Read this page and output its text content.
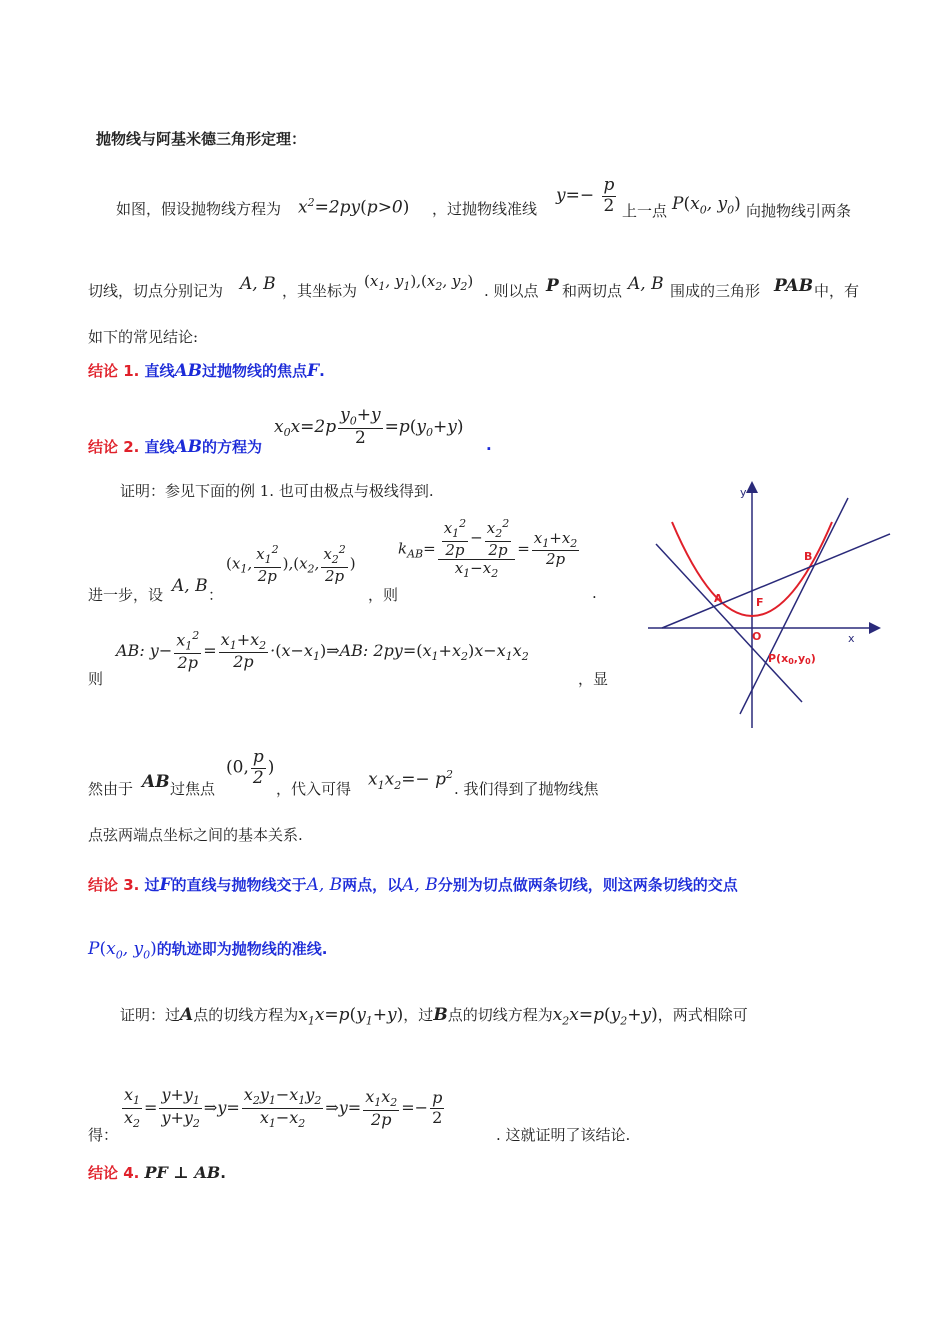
抛物线与阿基米德三角形定理：
如图，假设抛物线方程为 $x^2=2py(p>0)$ ，过抛物线准线
$y=- \frac{p}{2}$ 上一点 $P(x_0$, $y_0$) 向抛物线引两条
切线，切点分别记为 A, B ，其坐标为
($x_1$, $y_1),(x_2$, $y_2$)
. 则以点 P 和两切点 A, B 围成的三角形 PAB 中，有
如下的常见结论:
结论 1. 直线AB过抛物线的焦点F.
结论 2. 直线AB的方程为
$x_0x=2p \frac{y_0+y}{2} =p(y_0+y)$
.
证明：参见下面的例 1. 也可由极点与极线得到.
进一步，设 A, B ：
($x_1$, $\frac{x_1^2}{2p} ),(x_2$, $\frac{x_2^2}{2p}$ )
，则
$k_{AB}= \frac{\frac{x_1^2}{2p} - \frac{x_2^2}{2p}}{x_1-x_2} = \frac{x_1+x_2}{2p}$
.
则
AB: $y- \frac{x_1^2}{2p} = \frac{x_1+x_2}{2p}$ $\cdot(x-x_1)\Rightarrow AB$: $2py=(x_1+x_2)x-x_1x_2$
，显
然由于 AB 过焦点
(0, $\frac{p}{2}$ )
，代入可得 $x_1x_2=- p^2$
. 我们得到了抛物线焦
点弦两端点坐标之间的基本关系.
结论 3. 过F的直线与抛物线交于A, B两点，以A, B分别为切点做两条切线，则这两条切线的交点
$P(x_0$, $y_0$)的轨迹即为抛物线的准线.
证明：过A点的切线方程为$x_1x=p(y_1+y)$，过B点的切线方程为$x_2x=p(y_2+y)$，两式相除可
得：
$\frac{x_1}{x_2} = \frac{y+y_1}{y+y_2}$ ⇒y= $\frac{x_2y_1-x_1y_2}{x_1-x_2}$ ⇒y= $\frac{x_1x_2}{2p} =- \frac{p}{2}$
. 这就证明了该结论.
结论 4. PF ⊥ AB.
y
x
A
B
F
O
P(x0,y0)
